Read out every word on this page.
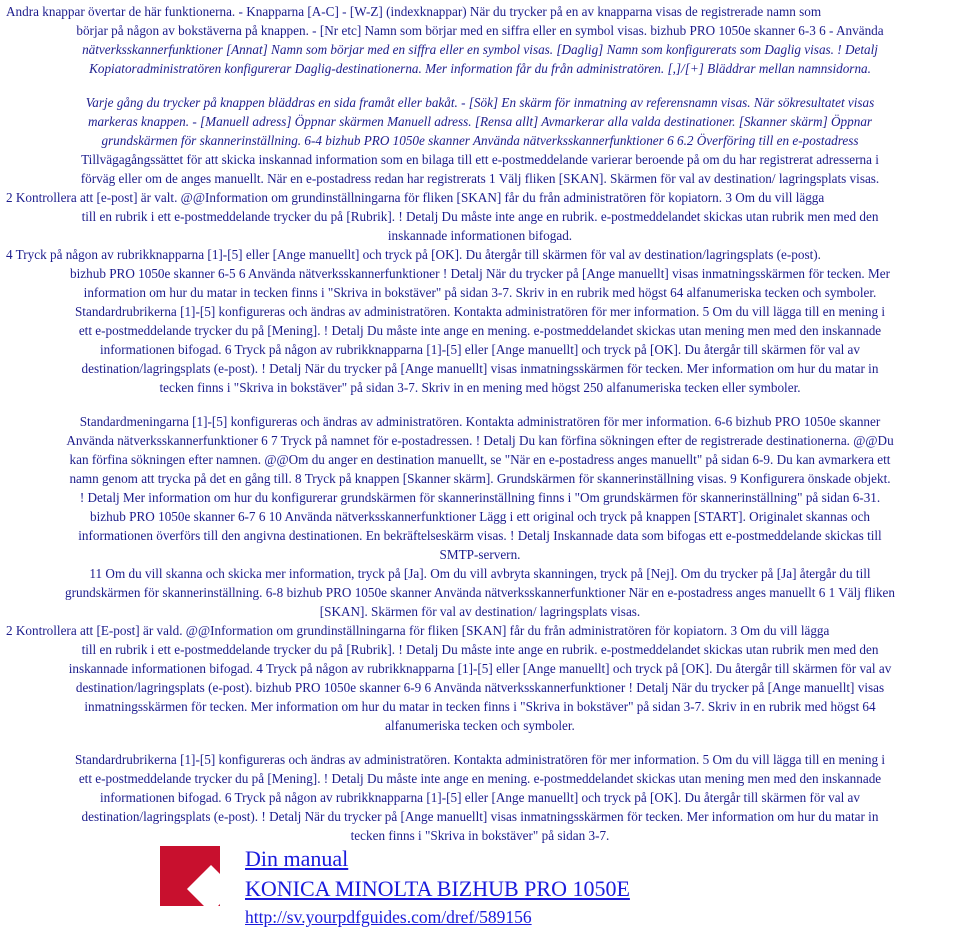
Andra knappar övertar de här funktionerna. - Knapparna [A-C] - [W-Z] (indexknappar) När du trycker på en av knapparna visas de registrerade namn som
börjar på någon av bokstäverna på knappen. - [Nr etc] Namn som börjar med en siffra eller en symbol visas. bizhub PRO 1050e skanner 6-3 6 - Använda
nätverksskannerfunktioner [Annat] Namn som börjar med en siffra eller en symbol visas. [Daglig] Namn som konfigurerats som Daglig visas. ! Detalj
Kopiatoradministratören konfigurerar Daglig-destinationerna. Mer information får du från administratören. [,]/[+] Bläddrar mellan namnsidorna.
Varje gång du trycker på knappen bläddras en sida framåt eller bakåt. - [Sök] En skärm för inmatning av referensnamn visas. När sökresultatet visas
markeras knappen. - [Manuell adress] Öppnar skärmen Manuell adress. [Rensa allt] Avmarkerar alla valda destinationer. [Skanner skärm] Öppnar
grundskärmen för skannerinställning. 6-4 bizhub PRO 1050e skanner Använda nätverksskannerfunktioner 6 6.2 Överföring till en e-postadress
Tillvägagångssättet för att skicka inskannad information som en bilaga till ett e-postmeddelande varierar beroende på om du har registrerat adresserna i
förväg eller om de anges manuellt. När en e-postadress redan har registrerats 1 Välj fliken [SKAN]. Skärmen för val av destination/ lagringsplats visas.
2 Kontrollera att [e-post] är valt. @@Information om grundinställningarna för fliken [SKAN] får du från administratören för kopiatorn. 3 Om du vill lägga
till en rubrik i ett e-postmeddelande trycker du på [Rubrik]. ! Detalj Du måste inte ange en rubrik. e-postmeddelandet skickas utan rubrik men med den
inskannade informationen bifogad.
4 Tryck på någon av rubrikknapparna [1]-[5] eller [Ange manuellt] och tryck på [OK]. Du återgår till skärmen för val av destination/lagringsplats (e-post).
bizhub PRO 1050e skanner 6-5 6 Använda nätverksskannerfunktioner ! Detalj När du trycker på [Ange manuellt] visas inmatningsskärmen för tecken. Mer
information om hur du matar in tecken finns i "Skriva in bokstäver" på sidan 3-7. Skriv in en rubrik med högst 64 alfanumeriska tecken och symboler.
Standardrubrikerna [1]-[5] konfigureras och ändras av administratören. Kontakta administratören för mer information. 5 Om du vill lägga till en mening i
ett e-postmeddelande trycker du på [Mening]. ! Detalj Du måste inte ange en mening. e-postmeddelandet skickas utan mening men med den inskannade
informationen bifogad. 6 Tryck på någon av rubrikknapparna [1]-[5] eller [Ange manuellt] och tryck på [OK]. Du återgår till skärmen för val av
destination/lagringsplats (e-post). ! Detalj När du trycker på [Ange manuellt] visas inmatningsskärmen för tecken. Mer information om hur du matar in
tecken finns i "Skriva in bokstäver" på sidan 3-7. Skriv in en mening med högst 250 alfanumeriska tecken eller symboler.
Standardmeningarna [1]-[5] konfigureras och ändras av administratören. Kontakta administratören för mer information. 6-6 bizhub PRO 1050e skanner
Använda nätverksskannerfunktioner 6 7 Tryck på namnet för e-postadressen. ! Detalj Du kan förfina sökningen efter de registrerade destinationerna. @@Du
kan förfina sökningen efter namnen. @@Om du anger en destination manuellt, se "När en e-postadress anges manuellt" på sidan 6-9. Du kan avmarkera ett
namn genom att trycka på det en gång till. 8 Tryck på knappen [Skanner skärm]. Grundskärmen för skannerinställning visas. 9 Konfigurera önskade objekt.
! Detalj Mer information om hur du konfigurerar grundskärmen för skannerinställning finns i "Om grundskärmen för skannerinställning" på sidan 6-31.
bizhub PRO 1050e skanner 6-7 6 10 Använda nätverksskannerfunktioner Lägg i ett original och tryck på knappen [START]. Originalet skannas och
informationen överförs till den angivna destinationen. En bekräftelseskärm visas. ! Detalj Inskannade data som bifogas ett e-postmeddelande skickas till
SMTP-servern.
11 Om du vill skanna och skicka mer information, tryck på [Ja]. Om du vill avbryta skanningen, tryck på [Nej]. Om du trycker på [Ja] återgår du till
grundskärmen för skannerinställning. 6-8 bizhub PRO 1050e skanner Använda nätverksskannerfunktioner När en e-postadress anges manuellt 6 1 Välj fliken
[SKAN]. Skärmen för val av destination/ lagringsplats visas.
2 Kontrollera att [E-post] är vald. @@Information om grundinställningarna för fliken [SKAN] får du från administratören för kopiatorn. 3 Om du vill lägga
till en rubrik i ett e-postmeddelande trycker du på [Rubrik]. ! Detalj Du måste inte ange en rubrik. e-postmeddelandet skickas utan rubrik men med den
inskannade informationen bifogad. 4 Tryck på någon av rubrikknapparna [1]-[5] eller [Ange manuellt] och tryck på [OK]. Du återgår till skärmen för val av
destination/lagringsplats (e-post). bizhub PRO 1050e skanner 6-9 6 Använda nätverksskannerfunktioner ! Detalj När du trycker på [Ange manuellt] visas
inmatningsskärmen för tecken. Mer information om hur du matar in tecken finns i "Skriva in bokstäver" på sidan 3-7. Skriv in en rubrik med högst 64
alfanumeriska tecken och symboler.
Standardrubrikerna [1]-[5] konfigureras och ändras av administratören. Kontakta administratören för mer information. 5 Om du vill lägga till en mening i
ett e-postmeddelande trycker du på [Mening]. ! Detalj Du måste inte ange en mening. e-postmeddelandet skickas utan mening men med den inskannade
informationen bifogad. 6 Tryck på någon av rubrikknapparna [1]-[5] eller [Ange manuellt] och tryck på [OK]. Du återgår till skärmen för val av
destination/lagringsplats (e-post). ! Detalj När du trycker på [Ange manuellt] visas inmatningsskärmen för tecken. Mer information om hur du matar in
tecken finns i "Skriva in bokstäver" på sidan 3-7.
Din manual
KONICA MINOLTA BIZHUB PRO 1050E
http://sv.yourpdfguides.com/dref/589156
